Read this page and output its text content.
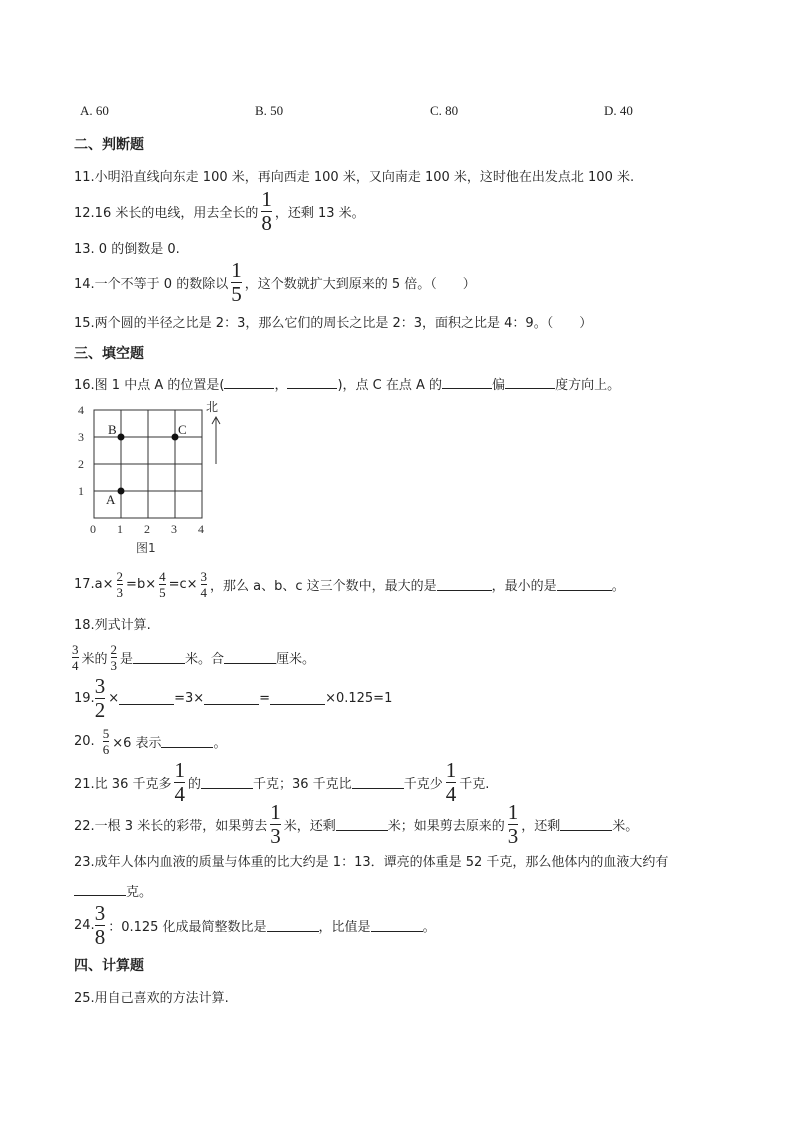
A. 60	B. 50	C. 80	D. 40
二、判断题
11.小明沿直线向东走 100 米，再向西走 100 米，又向南走 100 米，这时他在出发点北 100 米.
12.16 米长的电线，用去全长的 $\frac{1}{8}$ ，还剩 13 米。
13. 0 的倒数是 0.
14.一个不等于 0 的数除以 $\frac{1}{5}$ ，这个数就扩大到原来的 5 倍。（　　）
15.两个圆的半径之比是 2：3，那么它们的周长之比是 2：3，面积之比是 4：9。（　　）
三、填空题
16.图 1 中点 A 的位置是(	，	)，点 C 在点 A 的	偏	度方向上。
4
3
2
1
0 1 2 3 4
A
B	C
北
图1
$17.a\times \frac{2}{3} =b\times \frac{4}{5} =c\times \frac{3}{4}$ ，那么 a、b、c 这三个数中，最大的是	，最小的是	。
18.列式计算.
$\frac{3}{4}$ 米的 $\frac{2}{3}$ 是	米。合	厘米。
19. $\frac{3}{2}$ ×	=3×	=	×0.125=1
20. $\frac{5}{6} \times 6$ 表示	。
21.比 36 千克多 $\frac{1}{4}$ 的	千克；36 千克比	千克少 $\frac{1}{4}$ 千克.
22.一根 3 米长的彩带，如果剪去 $\frac{1}{3}$ 米，还剩	米；如果剪去原来的 $\frac{1}{3}$ ，还剩	米。
23.成年人体内血液的质量与体重的比大约是 1：13．谭亮的体重是 52 千克，那么他体内的血液大约有
克。
24. $\frac{3}{8}$ ：0.125 化成最简整数比是	，比值是	。
四、计算题
25.用自己喜欢的方法计算.
